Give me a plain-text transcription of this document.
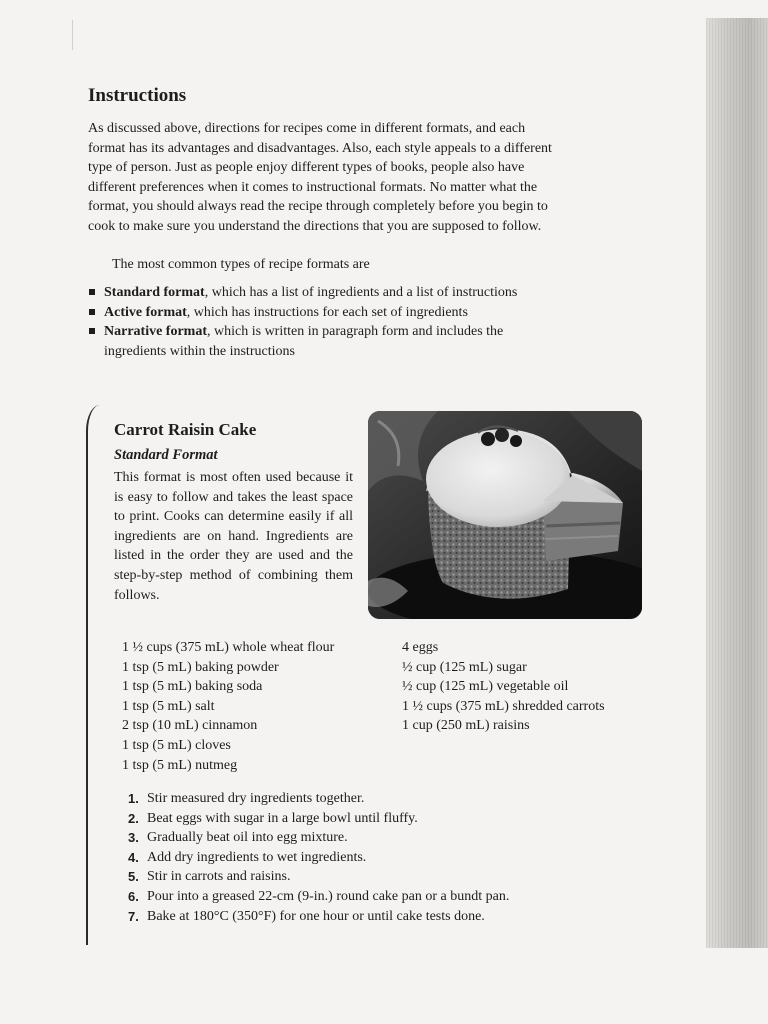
Instructions

As discussed above, directions for recipes come in different formats, and each format has its advantages and disadvantages. Also, each style appeals to a different type of person. Just as people enjoy different types of books, people also have different preferences when it comes to instructional formats. No matter what the format, you should always read the recipe through completely before you begin to cook to make sure you understand the directions that you are supposed to follow.

The most common types of recipe formats are

Standard format, which has a list of ingredients and a list of instructions
Active format, which has instructions for each set of ingredients
Narrative format, which is written in paragraph form and includes the ingredients within the instructions
Carrot Raisin Cake
Standard Format

This format is most often used because it is easy to follow and takes the least space to print. Cooks can determine easily if all ingredients are on hand. Ingredients are listed in the order they are used and the step-by-step method of combining them follows.

1 ½ cups (375 mL) whole wheat flour
1 tsp (5 mL) baking powder
1 tsp (5 mL) baking soda
1 tsp (5 mL) salt
2 tsp (10 mL) cinnamon
1 tsp (5 mL) cloves
1 tsp (5 mL) nutmeg
4 eggs
½ cup (125 mL) sugar
½ cup (125 mL) vegetable oil
1 ½ cups (375 mL) shredded carrots
1 cup (250 mL) raisins
1. Stir measured dry ingredients together.
2. Beat eggs with sugar in a large bowl until fluffy.
3. Gradually beat oil into egg mixture.
4. Add dry ingredients to wet ingredients.
5. Stir in carrots and raisins.
6. Pour into a greased 22-cm (9-in.) round cake pan or a bundt pan.
7. Bake at 180°C (350°F) for one hour or until cake tests done.
